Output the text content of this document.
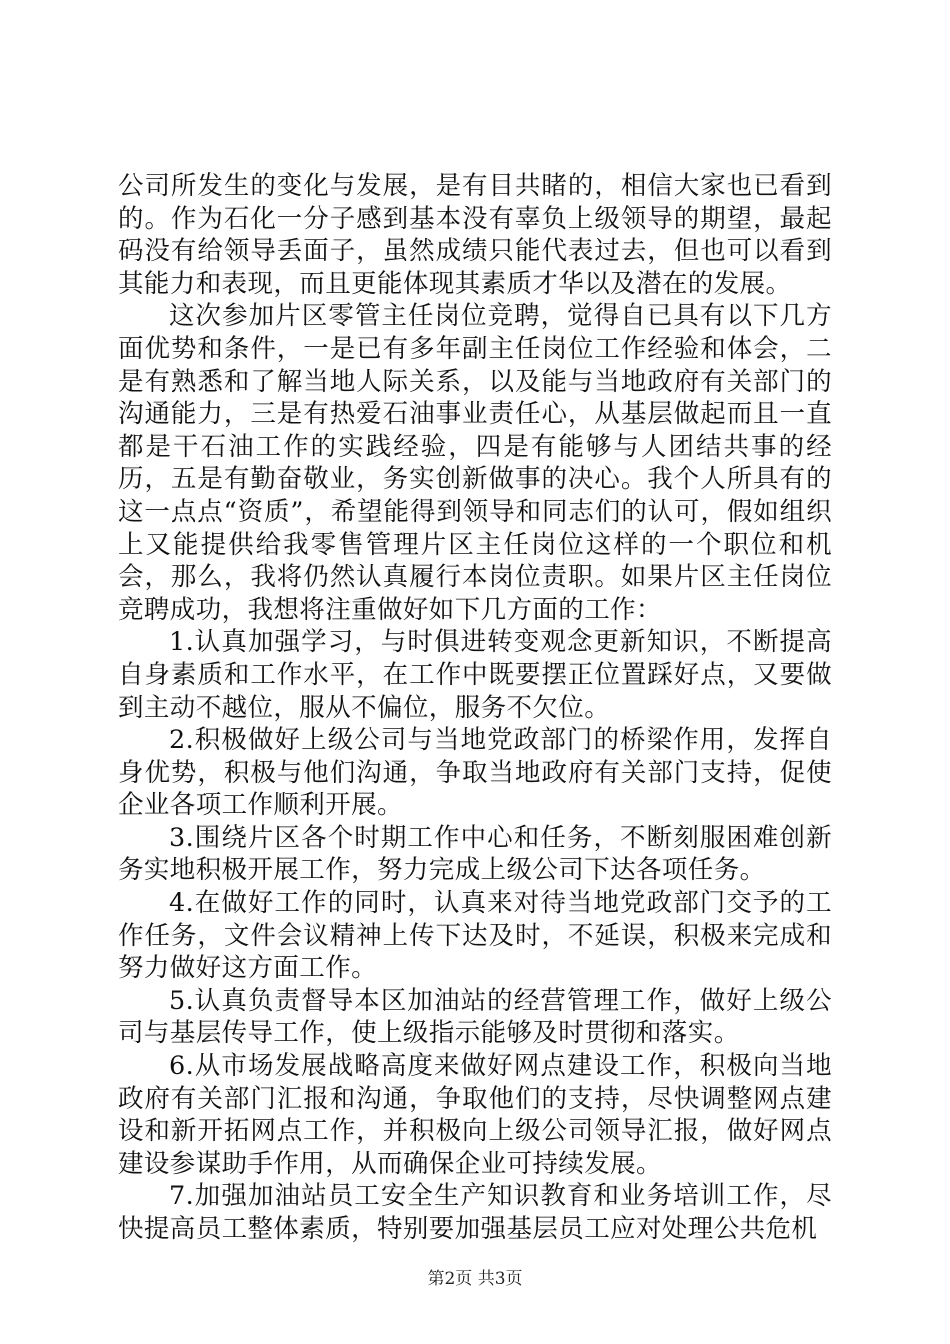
公司所发生的变化与发展，是有目共睹的，相信大家也已看到的。作为石化一分子感到基本没有辜负上级领导的期望，最起码没有给领导丢面子，虽然成绩只能代表过去，但也可以看到其能力和表现，而且更能体现其素质才华以及潜在的发展。

这次参加片区零管主任岗位竞聘，觉得自已具有以下几方面优势和条件，一是已有多年副主任岗位工作经验和体会，二是有熟悉和了解当地人际关系，以及能与当地政府有关部门的沟通能力，三是有热爱石油事业责任心，从基层做起而且一直都是干石油工作的实践经验，四是有能够与人团结共事的经历，五是有勤奋敬业，务实创新做事的决心。我个人所具有的这一点点“资质”，希望能得到领导和同志们的认可，假如组织上又能提供给我零售管理片区主任岗位这样的一个职位和机会，那么，我将仍然认真履行本岗位责职。如果片区主任岗位竞聘成功，我想将注重做好如下几方面的工作：

1.认真加强学习，与时俱进转变观念更新知识，不断提高自身素质和工作水平，在工作中既要摆正位置踩好点，又要做到主动不越位，服从不偏位，服务不欠位。

2.积极做好上级公司与当地党政部门的桥梁作用，发挥自身优势，积极与他们沟通，争取当地政府有关部门支持，促使企业各项工作顺利开展。

3.围绕片区各个时期工作中心和任务，不断刻服困难创新务实地积极开展工作，努力完成上级公司下达各项任务。

4.在做好工作的同时，认真来对待当地党政部门交予的工作任务，文件会议精神上传下达及时，不延误，积极来完成和努力做好这方面工作。

5.认真负责督导本区加油站的经营管理工作，做好上级公司与基层传导工作，使上级指示能够及时贯彻和落实。

6.从市场发展战略高度来做好网点建设工作，积极向当地政府有关部门汇报和沟通，争取他们的支持，尽快调整网点建设和新开拓网点工作，并积极向上级公司领导汇报，做好网点建设参谋助手作用，从而确保企业可持续发展。

7.加强加油站员工安全生产知识教育和业务培训工作，尽快提高员工整体素质，特别要加强基层员工应对处理公共危机

第2页 共3页
